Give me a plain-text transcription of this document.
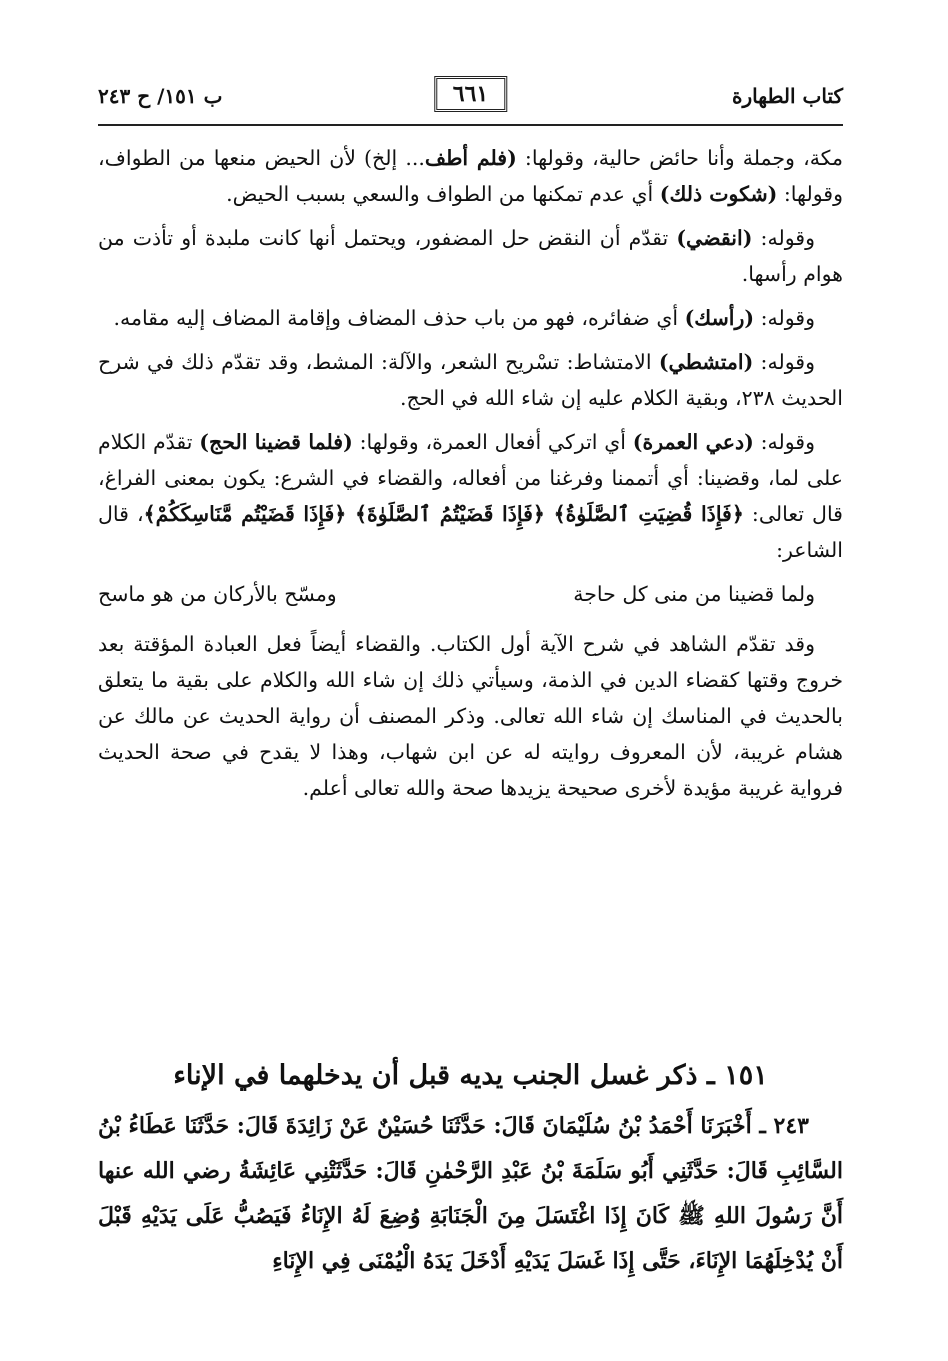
كتاب الطهارة
٦٦١
ب ١٥١/ ح ٢٤٣

مكة، وجملة وأنا حائض حالية، وقولها: (فلم أطف... إلخ) لأن الحيض منعها من الطواف، وقولها: (شكوت ذلك) أي عدم تمكنها من الطواف والسعي بسبب الحيض.

وقوله: (انقضي) تقدّم أن النقض حل المضفور، ويحتمل أنها كانت ملبدة أو تأذت من هوام رأسها.

وقوله: (رأسك) أي ضفائره، فهو من باب حذف المضاف وإقامة المضاف إليه مقامه.

وقوله: (امتشطي) الامتشاط: تسْريح الشعر، والآلة: المشط، وقد تقدّم ذلك في شرح الحديث ٢٣٨، وبقية الكلام عليه إن شاء الله في الحج.

وقوله: (دعي العمرة) أي اتركي أفعال العمرة، وقولها: (فلما قضينا الحج) تقدّم الكلام على لما، وقضينا: أي أتممنا وفرغنا من أفعاله، والقضاء في الشرع: يكون بمعنى الفراغ، قال تعالى: ﴿فَإِذَا قُضِيَتِ ٱلصَّلَوٰةُ﴾ ﴿فَإِذَا قَضَيْتُمُ ٱلصَّلَوٰةَ﴾ ﴿فَإِذَا قَضَيْتُم مَّنَاسِكَكُمْ﴾، قال الشاعر:

ولما قضينا من منى كل حاجة
ومسّح بالأركان من هو ماسح

وقد تقدّم الشاهد في شرح الآية أول الكتاب. والقضاء أيضاً فعل العبادة المؤقتة بعد خروج وقتها كقضاء الدين في الذمة، وسيأتي ذلك إن شاء الله والكلام على بقية ما يتعلق بالحديث في المناسك إن شاء الله تعالى. وذكر المصنف أن رواية الحديث عن مالك عن هشام غريبة، لأن المعروف روايته له عن ابن شهاب، وهذا لا يقدح في صحة الحديث فرواية غريبة مؤيدة لأخرى صحيحة يزيدها صحة والله تعالى أعلم.

١٥١ ـ ذكر غسل الجنب يديه قبل أن يدخلهما في الإناء

٢٤٣ ـ أَخْبَرَنَا أَحْمَدُ بْنُ سُلَيْمَانَ قَالَ: حَدَّثَنَا حُسَيْنٌ عَنْ زَائِدَةَ قَالَ: حَدَّثَنَا عَطَاءُ بْنُ السَّائِبِ قَالَ: حَدَّثَنِي أَبُو سَلَمَةَ بْنُ عَبْدِ الرَّحْمٰنِ قَالَ: حَدَّثَتْنِي عَائِشَةُ رضي الله عنها أَنَّ رَسُولَ اللهِ ﷺ كَانَ إِذَا اغْتَسَلَ مِنَ الْجَنَابَةِ وُضِعَ لَهُ الإِنَاءُ فَيَصُبُّ عَلَى يَدَيْهِ قَبْلَ أَنْ يُدْخِلَهُمَا الإِنَاءَ، حَتَّى إِذَا غَسَلَ يَدَيْهِ أَدْخَلَ يَدَهُ الْيُمْنَى فِي الإِنَاءِ
